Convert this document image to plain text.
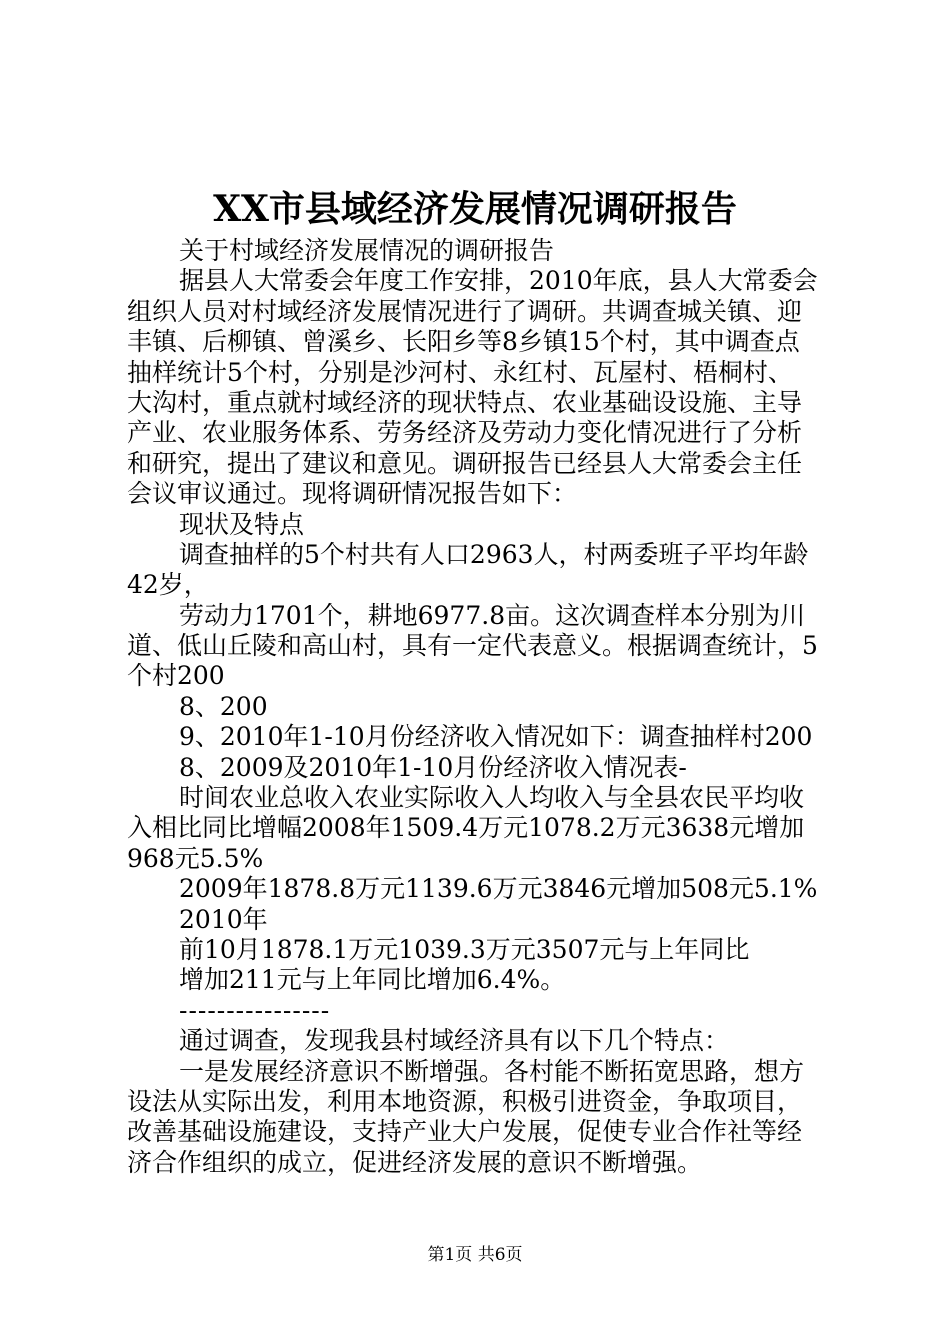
XX市县域经济发展情况调研报告
关于村域经济发展情况的调研报告
据县人大常委会年度工作安排，2010年底，县人大常委会
组织人员对村域经济发展情况进行了调研。共调查城关镇、迎
丰镇、后柳镇、曾溪乡、长阳乡等8乡镇15个村，其中调查点
抽样统计5个村，分别是沙河村、永红村、瓦屋村、梧桐村、
大沟村，重点就村域经济的现状特点、农业基础设设施、主导
产业、农业服务体系、劳务经济及劳动力变化情况进行了分析
和研究，提出了建议和意见。调研报告已经县人大常委会主任
会议审议通过。现将调研情况报告如下：
现状及特点
调查抽样的5个村共有人口2963人，村两委班子平均年龄
42岁，
劳动力1701个，耕地6977.8亩。这次调查样本分别为川
道、低山丘陵和高山村，具有一定代表意义。根据调查统计，5
个村200
8、200
9、2010年1-10月份经济收入情况如下：调查抽样村200
8、2009及2010年1-10月份经济收入情况表-
时间农业总收入农业实际收入人均收入与全县农民平均收
入相比同比增幅2008年1509.4万元1078.2万元3638元增加
968元5.5%
2009年1878.8万元1139.6万元3846元增加508元5.1%
2010年
前10月1878.1万元1039.3万元3507元与上年同比
增加211元与上年同比增加6.4%。
----------------
通过调查，发现我县村域经济具有以下几个特点：
一是发展经济意识不断增强。各村能不断拓宽思路，想方
设法从实际出发，利用本地资源，积极引进资金，争取项目，
改善基础设施建设，支持产业大户发展，促使专业合作社等经
济合作组织的成立，促进经济发展的意识不断增强。
第1页 共6页
